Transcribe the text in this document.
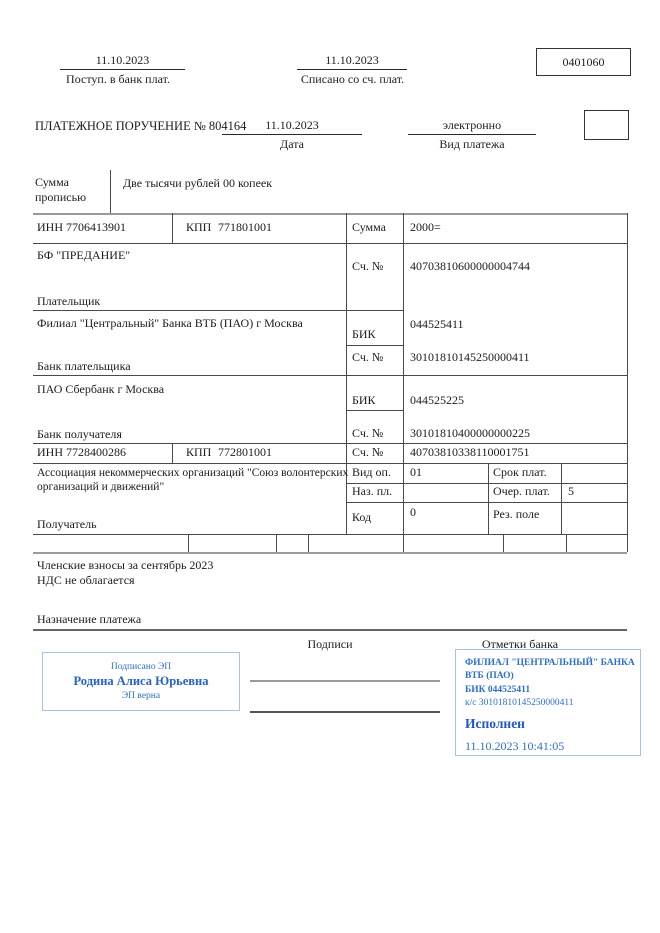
11.10.2023
Поступ. в банк плат.
11.10.2023
Списано со сч. плат.
0401060
ПЛАТЕЖНОЕ ПОРУЧЕНИЕ № 804164	11.10.2023
Дата
электронно
Вид платежа
Сумма
прописью
Две тысячи рублей 00 копеек
ИНН 7706413901	КПП 771801001	Сумма 2000=
БФ "ПРЕДАНИЕ"
Плательщик
Сч. № 40703810600000004744
Филиал "Центральный" Банка ВТБ (ПАО) г Москва
Банк плательщика
БИК
044525411
Сч. № 30101810145250000411
ПАО Сбербанк г Москва
Банк получателя
БИК	044525225
Сч. № 30101810400000000225
ИНН 7728400286	КПП 772801001	Сч. № 40703810338110001751
Ассоциация некоммерческих организаций "Союз волонтерских
организаций и движений"
Получатель
Вид оп. 01	Срок плат.
Наз. пл.	Очер. плат. 5
Код	0	Рез. поле
Членские взносы за сентябрь 2023
НДС не облагается
Назначение платежа
Подписи	Отметки банка
Подписано ЭП
Родина Алиса Юрьевна
ЭП верна
ФИЛИАЛ "ЦЕНТРАЛЬНЫЙ" БАНКА
ВТБ (ПАО)
БИК 044525411
к/с 30101810145250000411
Исполнен
11.10.2023 10:41:05
